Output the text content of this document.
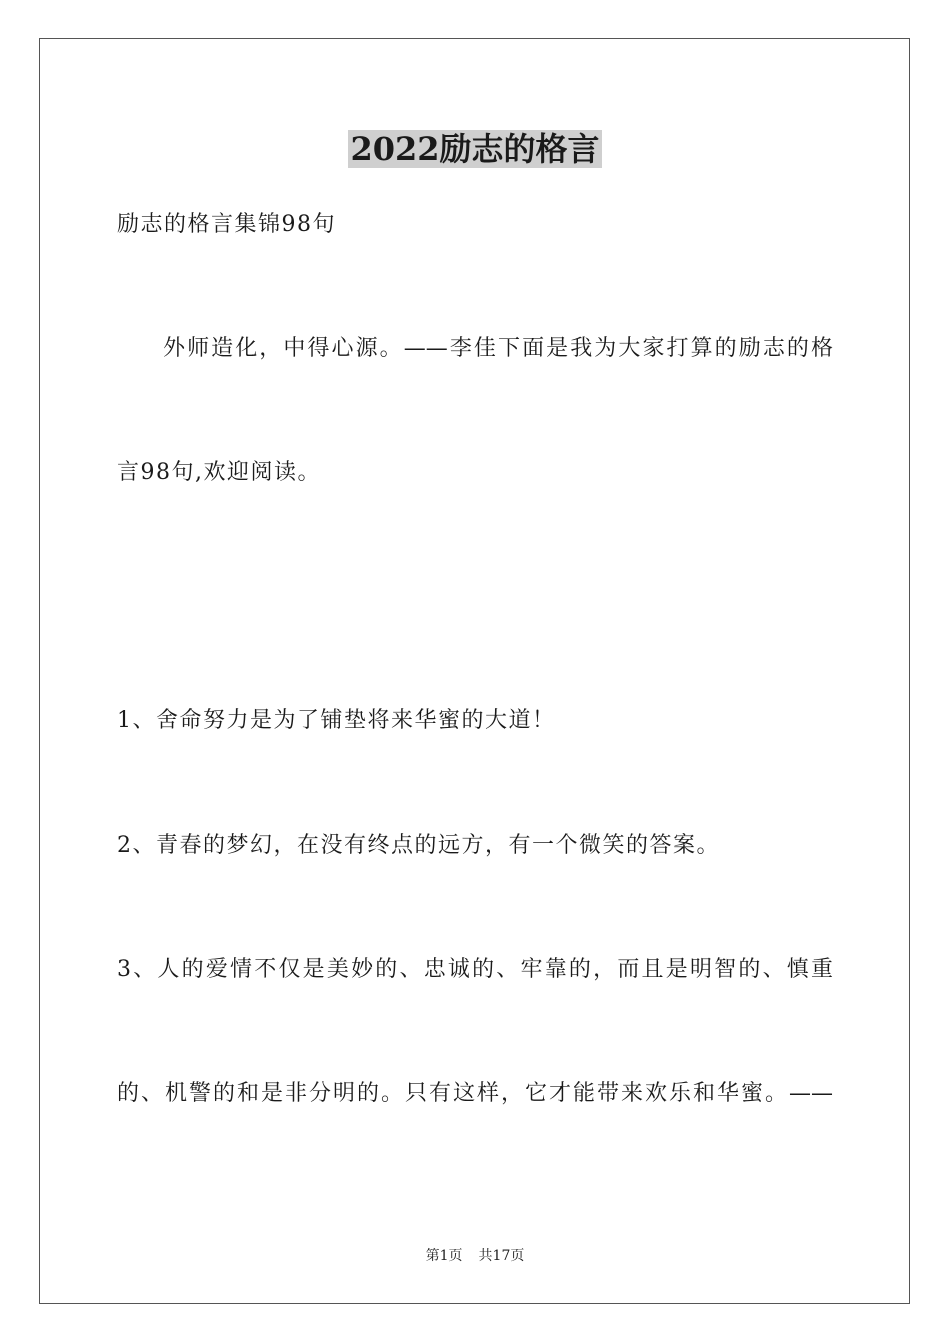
2022励志的格言
励志的格言集锦98句
外师造化，中得心源。——李佳下面是我为大家打算的励志的格
言98句,欢迎阅读。
1、舍命努力是为了铺垫将来华蜜的大道！
2、青春的梦幻，在没有终点的远方，有一个微笑的答案。
3、人的爱情不仅是美妙的、忠诚的、牢靠的，而且是明智的、慎重
的、机警的和是非分明的。只有这样，它才能带来欢乐和华蜜。——
第1页 共17页
